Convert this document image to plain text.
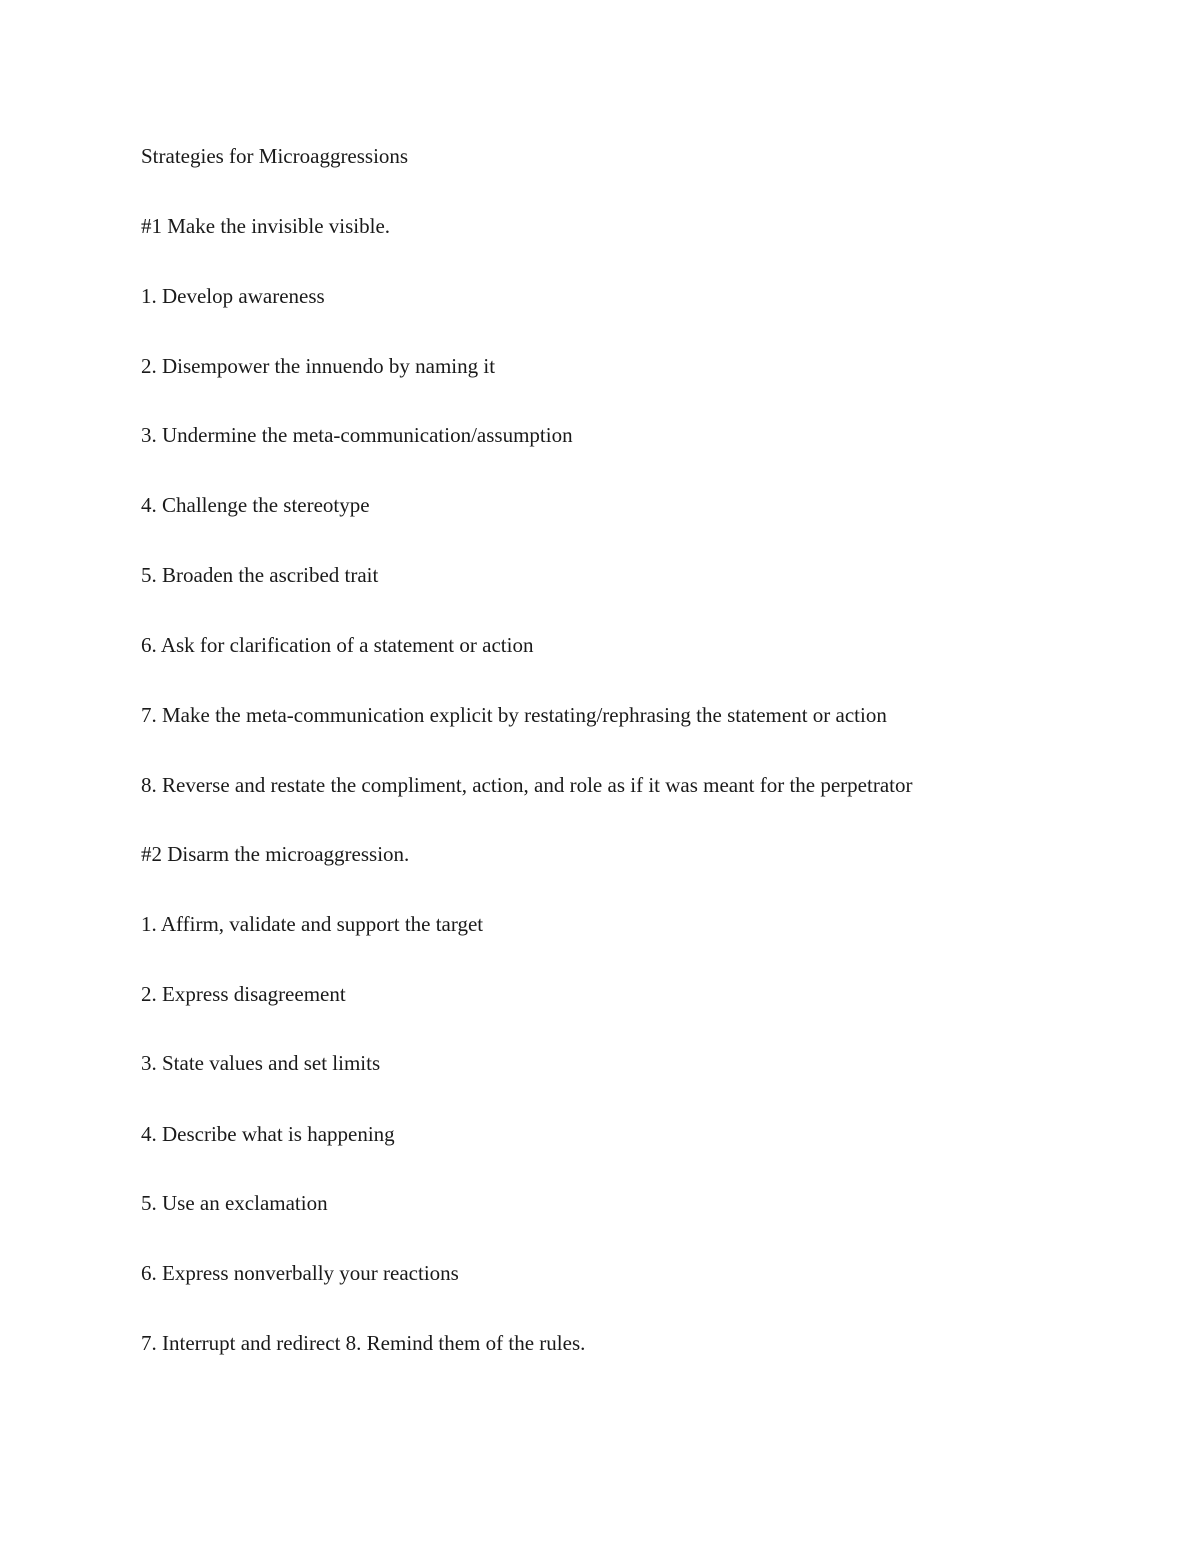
Strategies for Microaggressions

#1 Make the invisible visible.

1. Develop awareness

2. Disempower the innuendo by naming it

3. Undermine the meta-communication/assumption

4. Challenge the stereotype

5. Broaden the ascribed trait

6. Ask for clarification of a statement or action

7. Make the meta-communication explicit by restating/rephrasing the statement or action

8. Reverse and restate the compliment, action, and role as if it was meant for the perpetrator

#2 Disarm the microaggression.

1. Affirm, validate and support the target

2. Express disagreement

3. State values and set limits

4. Describe what is happening

5. Use an exclamation

6. Express nonverbally your reactions

7. Interrupt and redirect 8. Remind them of the rules.
